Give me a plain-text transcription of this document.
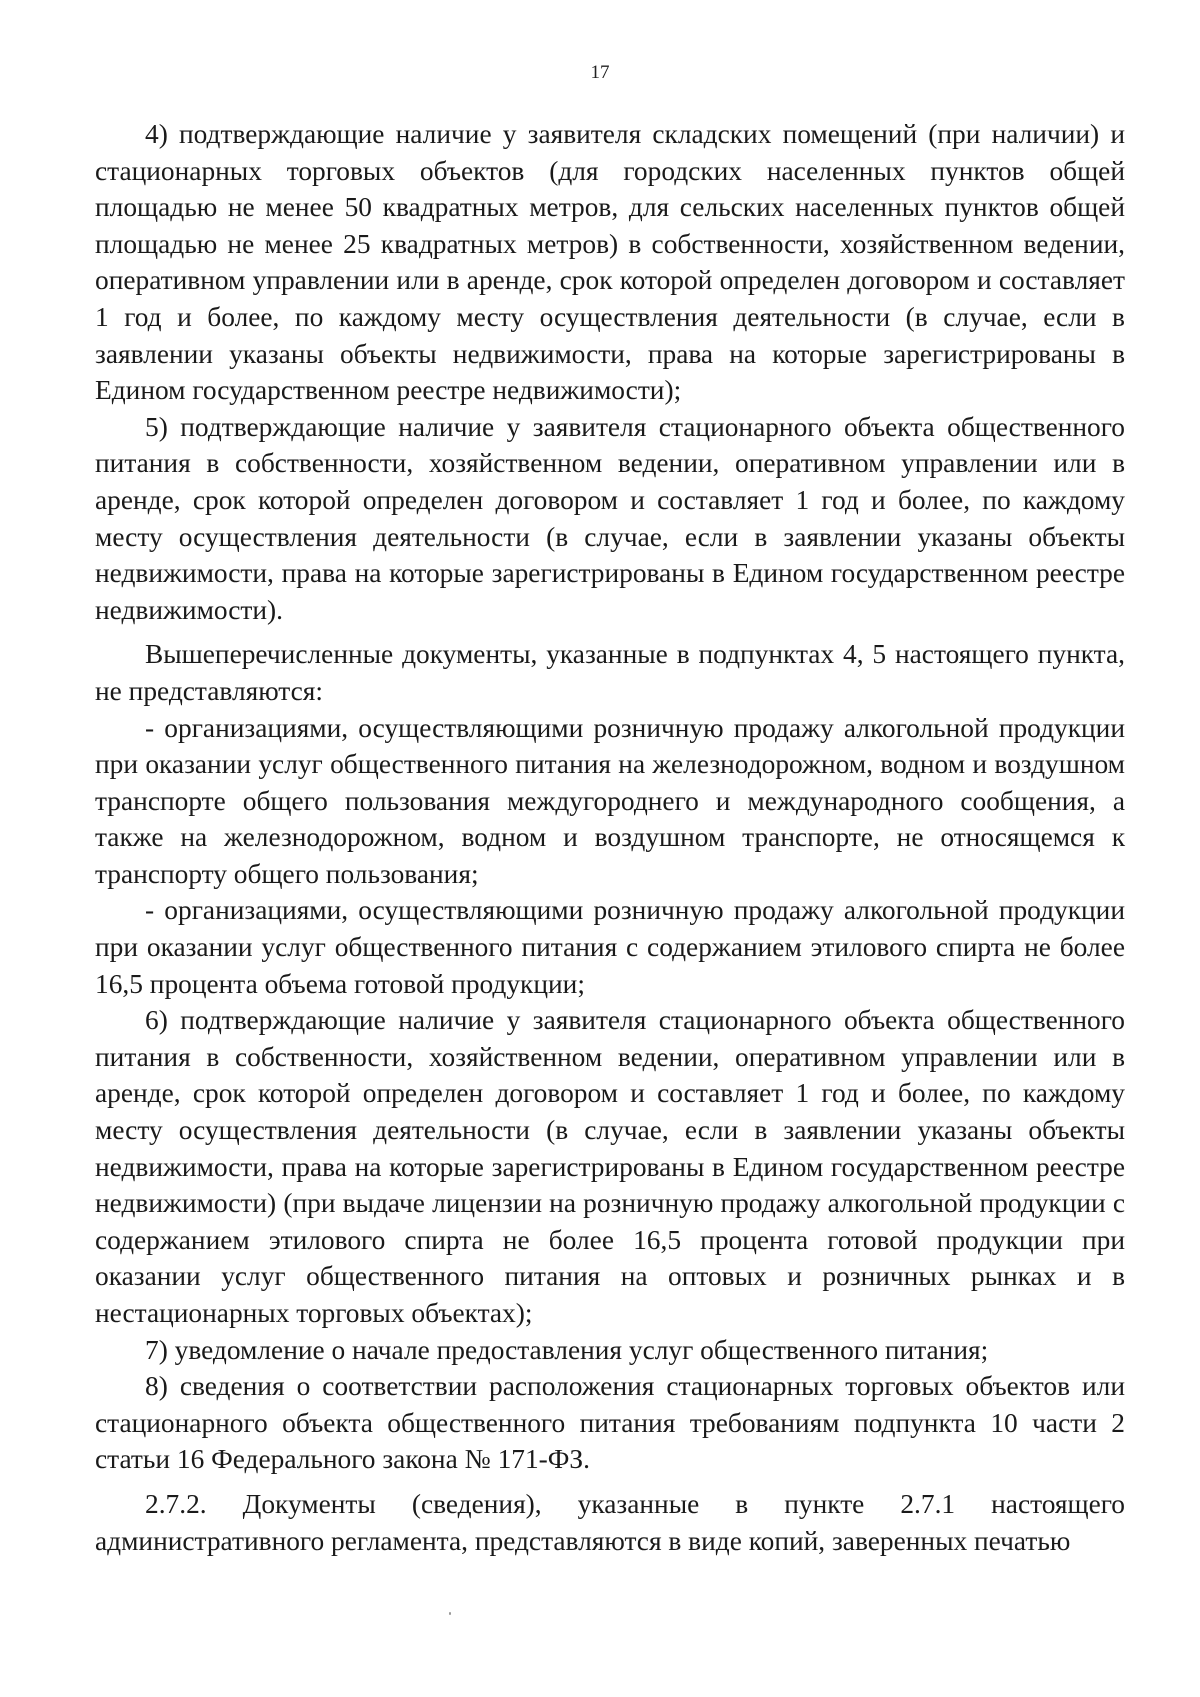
17

4) подтверждающие наличие у заявителя складских помещений (при наличии) и стационарных торговых объектов (для городских населенных пунктов общей площадью не менее 50 квадратных метров, для сельских населенных пунктов общей площадью не менее 25 квадратных метров) в собственности, хозяйственном ведении, оперативном управлении или в аренде, срок которой определен договором и составляет 1 год и более, по каждому месту осуществления деятельности (в случае, если в заявлении указаны объекты недвижимости, права на которые зарегистрированы в Едином государственном реестре недвижимости);

5) подтверждающие наличие у заявителя стационарного объекта общественного питания в собственности, хозяйственном ведении, оперативном управлении или в аренде, срок которой определен договором и составляет 1 год и более, по каждому месту осуществления деятельности (в случае, если в заявлении указаны объекты недвижимости, права на которые зарегистрированы в Едином государственном реестре недвижимости).

Вышеперечисленные документы, указанные в подпунктах 4, 5 настоящего пункта, не представляются:

- организациями, осуществляющими розничную продажу алкогольной продукции при оказании услуг общественного питания на железнодорожном, водном и воздушном транспорте общего пользования междугороднего и международного сообщения, а также на железнодорожном, водном и воздушном транспорте, не относящемся к транспорту общего пользования;

- организациями, осуществляющими розничную продажу алкогольной продукции при оказании услуг общественного питания с содержанием этилового спирта не более 16,5 процента объема готовой продукции;

6) подтверждающие наличие у заявителя стационарного объекта общественного питания в собственности, хозяйственном ведении, оперативном управлении или в аренде, срок которой определен договором и составляет 1 год и более, по каждому месту осуществления деятельности (в случае, если в заявлении указаны объекты недвижимости, права на которые зарегистрированы в Едином государственном реестре недвижимости) (при выдаче лицензии на розничную продажу алкогольной продукции с содержанием этилового спирта не более 16,5 процента готовой продукции при оказании услуг общественного питания на оптовых и розничных рынках и в нестационарных торговых объектах);

7) уведомление о начале предоставления услуг общественного питания;

8) сведения о соответствии расположения стационарных торговых объектов или стационарного объекта общественного питания требованиям подпункта 10 части 2 статьи 16 Федерального закона № 171-ФЗ.

2.7.2. Документы (сведения), указанные в пункте 2.7.1 настоящего административного регламента, представляются в виде копий, заверенных печатью
